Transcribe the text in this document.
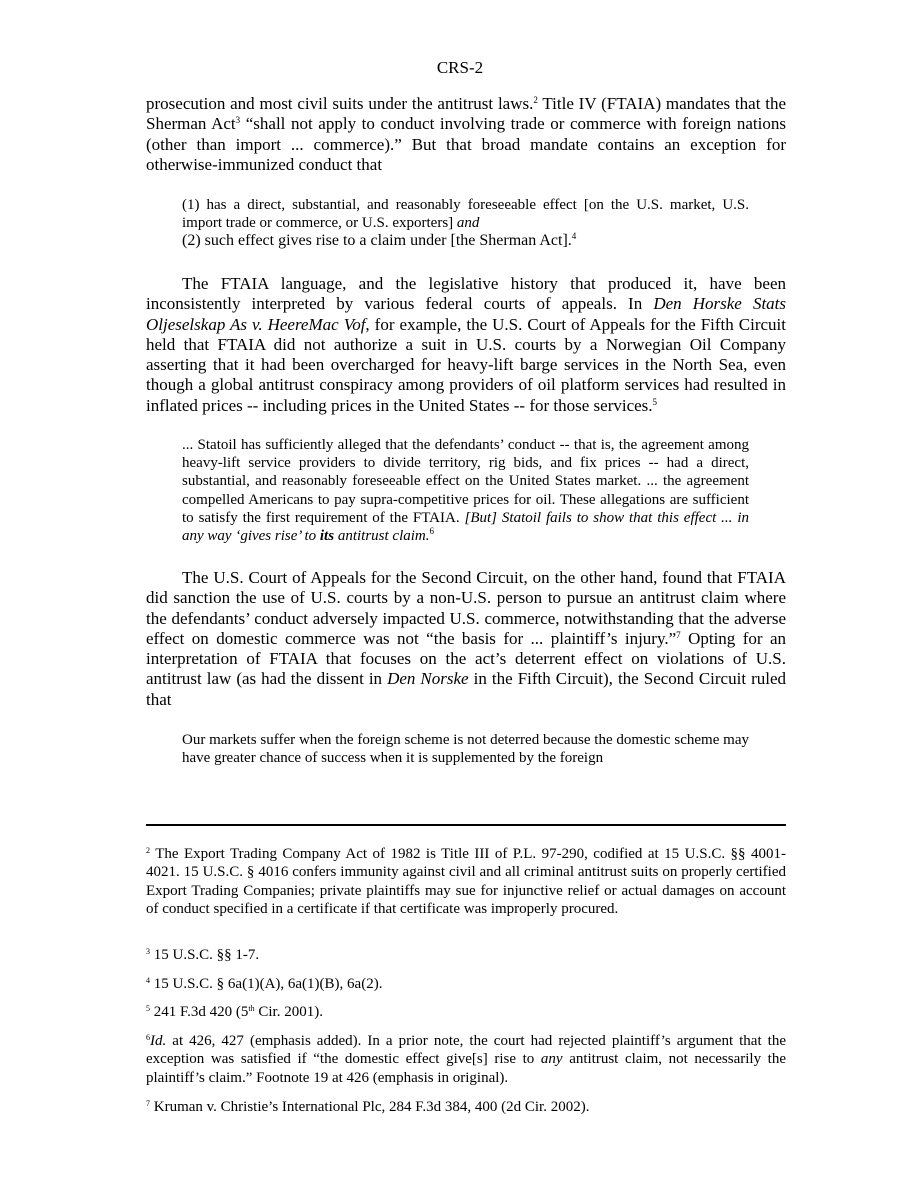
CRS-2

prosecution and most civil suits under the antitrust laws.$^2$ Title IV (FTAIA) mandates that the Sherman Act$^3$ “shall not apply to conduct involving trade or commerce with foreign nations (other than import ... commerce).” But that broad mandate contains an exception for otherwise-immunized conduct that

(1) has a direct, substantial, and reasonably foreseeable effect [on the U.S. market, U.S. import trade or commerce, or U.S. exporters] and

(2) such effect gives rise to a claim under [the Sherman Act].$^4$

The FTAIA language, and the legislative history that produced it, have been inconsistently interpreted by various federal courts of appeals. In Den Horske Stats Oljeselskap As v. HeereMac Vof, for example, the U.S. Court of Appeals for the Fifth Circuit held that FTAIA did not authorize a suit in U.S. courts by a Norwegian Oil Company asserting that it had been overcharged for heavy-lift barge services in the North Sea, even though a global antitrust conspiracy among providers of oil platform services had resulted in inflated prices -- including prices in the United States -- for those services.$^5$

... Statoil has sufficiently alleged that the defendants’ conduct -- that is, the agreement among heavy-lift service providers to divide territory, rig bids, and fix prices -- had a direct, substantial, and reasonably foreseeable effect on the United States market. ... the agreement compelled Americans to pay supra-competitive prices for oil. These allegations are sufficient to satisfy the first requirement of the FTAIA. [But] Statoil fails to show that this effect ... in any way ‘gives rise’ to its antitrust claim.$^6$

The U.S. Court of Appeals for the Second Circuit, on the other hand, found that FTAIA did sanction the use of U.S. courts by a non-U.S. person to pursue an antitrust claim where the defendants’ conduct adversely impacted U.S. commerce, notwithstanding that the adverse effect on domestic commerce was not “the basis for ... plaintiff’s injury.”$^7$ Opting for an interpretation of FTAIA that focuses on the act’s deterrent effect on violations of U.S. antitrust law (as had the dissent in Den Norske in the Fifth Circuit), the Second Circuit ruled that

Our markets suffer when the foreign scheme is not deterred because the domestic scheme may have greater chance of success when it is supplemented by the foreign

$^2$ The Export Trading Company Act of 1982 is Title III of P.L. 97-290, codified at 15 U.S.C. §§ 4001- 4021. 15 U.S.C. § 4016 confers immunity against civil and all criminal antitrust suits on properly certified Export Trading Companies; private plaintiffs may sue for injunctive relief or actual damages on account of conduct specified in a certificate if that certificate was improperly procured.

$^3$ 15 U.S.C. §§ 1-7.

$^4$ 15 U.S.C. § 6a(1)(A), 6a(1)(B), 6a(2).

$^5$ 241 F.3d 420 (5th Cir. 2001).

$^6$Id. at 426, 427 (emphasis added). In a prior note, the court had rejected plaintiff’s argument that the exception was satisfied if “the domestic effect give[s] rise to any antitrust claim, not necessarily the plaintiff’s claim.” Footnote 19 at 426 (emphasis in original).

$^7$ Kruman v. Christie’s International Plc, 284 F.3d 384, 400 (2d Cir. 2002).
